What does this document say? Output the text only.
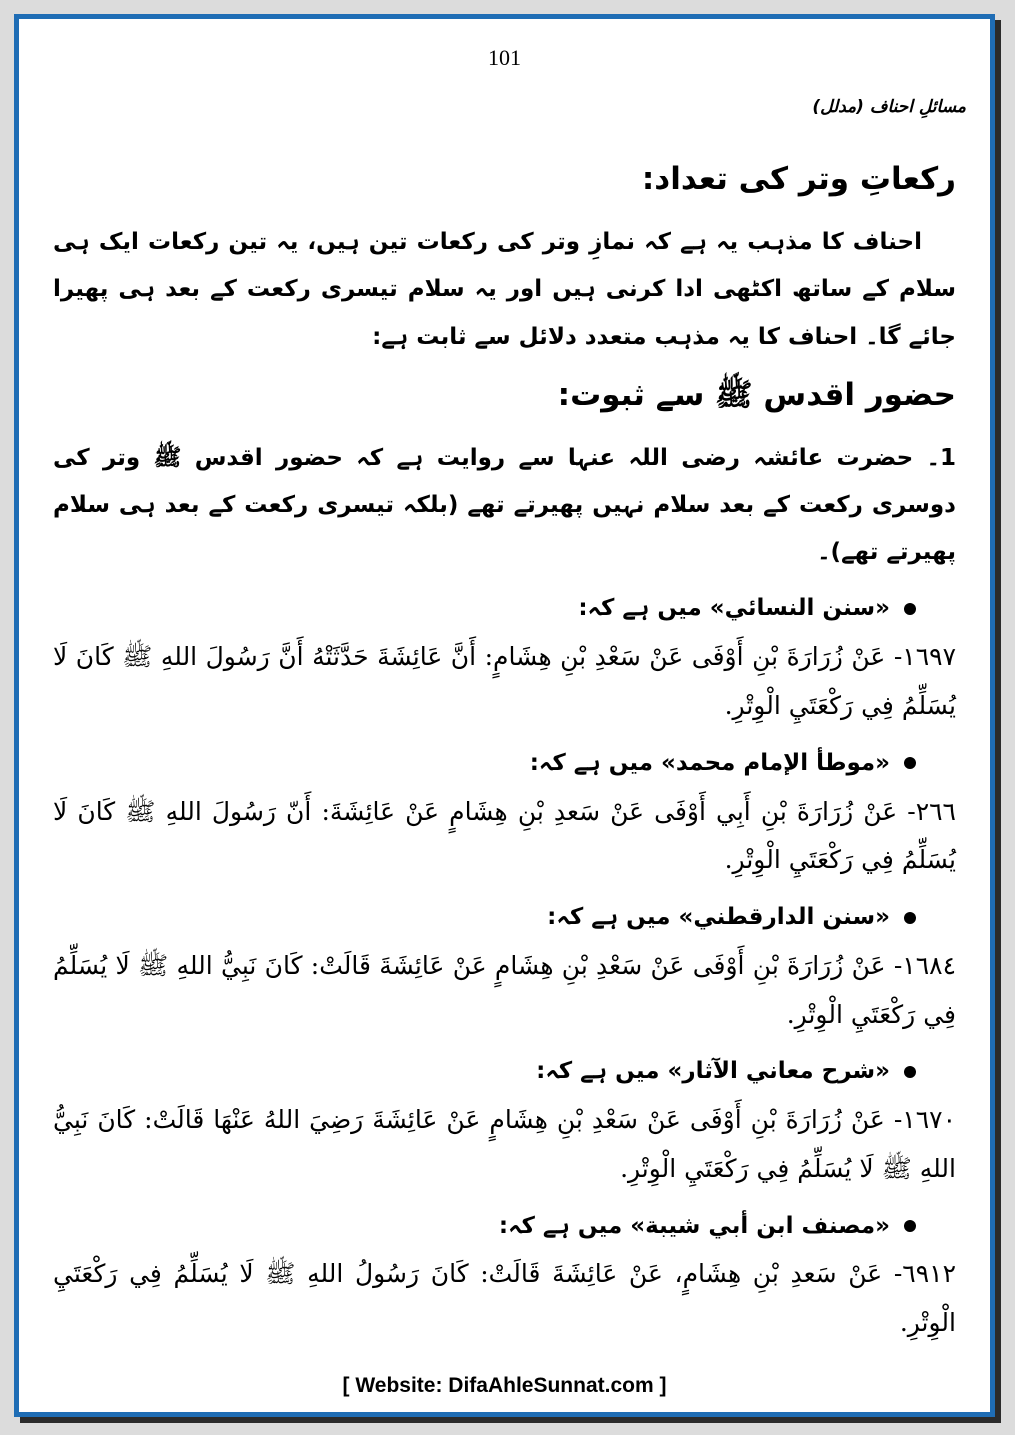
101
مسائلِ احناف (مدلل)
رکعاتِ وتر کی تعداد:

احناف کا مذہب یہ ہے کہ نمازِ وتر کی رکعات تین ہیں، یہ تین رکعات ایک ہی سلام کے ساتھ اکٹھی ادا کرنی ہیں اور یہ سلام تیسری رکعت کے بعد ہی پھیرا جائے گا۔ احناف کا یہ مذہب متعدد دلائل سے ثابت ہے:

حضور اقدس ﷺ سے ثبوت:

1۔ حضرت عائشہ رضی اللہ عنہا سے روایت ہے کہ حضور اقدس ﷺ وتر کی دوسری رکعت کے بعد سلام نہیں پھیرتے تھے (بلکہ تیسری رکعت کے بعد ہی سلام پھیرتے تھے)۔

«سنن النسائي» میں ہے کہ:

١٦٩٧- عَنْ زُرَارَةَ بْنِ أَوْفَى عَنْ سَعْدِ بْنِ هِشَامٍ: أَنَّ عَائِشَةَ حَدَّثَتْهُ أَنَّ رَسُولَ اللهِ ﷺ كَانَ لَا يُسَلِّمُ فِي رَكْعَتَيِ الْوِتْرِ.

«موطأ الإمام محمد» میں ہے کہ:

٢٦٦- عَنْ زُرَارَةَ بْنِ أَبِي أَوْفَى عَنْ سَعدِ بْنِ هِشَامٍ عَنْ عَائِشَةَ: أَنّ رَسُولَ اللهِ ﷺ كَانَ لَا يُسَلِّمُ فِي رَكْعَتَيِ الْوِتْرِ.

«سنن الدارقطني» میں ہے کہ:

١٦٨٤- عَنْ زُرَارَةَ بْنِ أَوْفَى عَنْ سَعْدِ بْنِ هِشَامٍ عَنْ عَائِشَةَ قَالَتْ: كَانَ نَبِيُّ اللهِ ﷺ لَا يُسَلِّمُ فِي رَكْعَتَيِ الْوِتْرِ.

«شرح معاني الآثار» میں ہے کہ:

١٦٧٠- عَنْ زُرَارَةَ بْنِ أَوْفَى عَنْ سَعْدِ بْنِ هِشَامٍ عَنْ عَائِشَةَ رَضِيَ اللهُ عَنْهَا قَالَتْ: كَانَ نَبِيُّ اللهِ ﷺ لَا يُسَلِّمُ فِي رَكْعَتَيِ الْوِتْرِ.

«مصنف ابن أبي شيبة» میں ہے کہ:

٦٩١٢- عَنْ سَعدِ بْنِ هِشَامٍ، عَنْ عَائِشَةَ قَالَتْ: كَانَ رَسُولُ اللهِ ﷺ لَا يُسَلِّمُ فِي رَكْعَتَيِ الْوِتْرِ.

[ Website: DifaAhleSunnat.com ]
